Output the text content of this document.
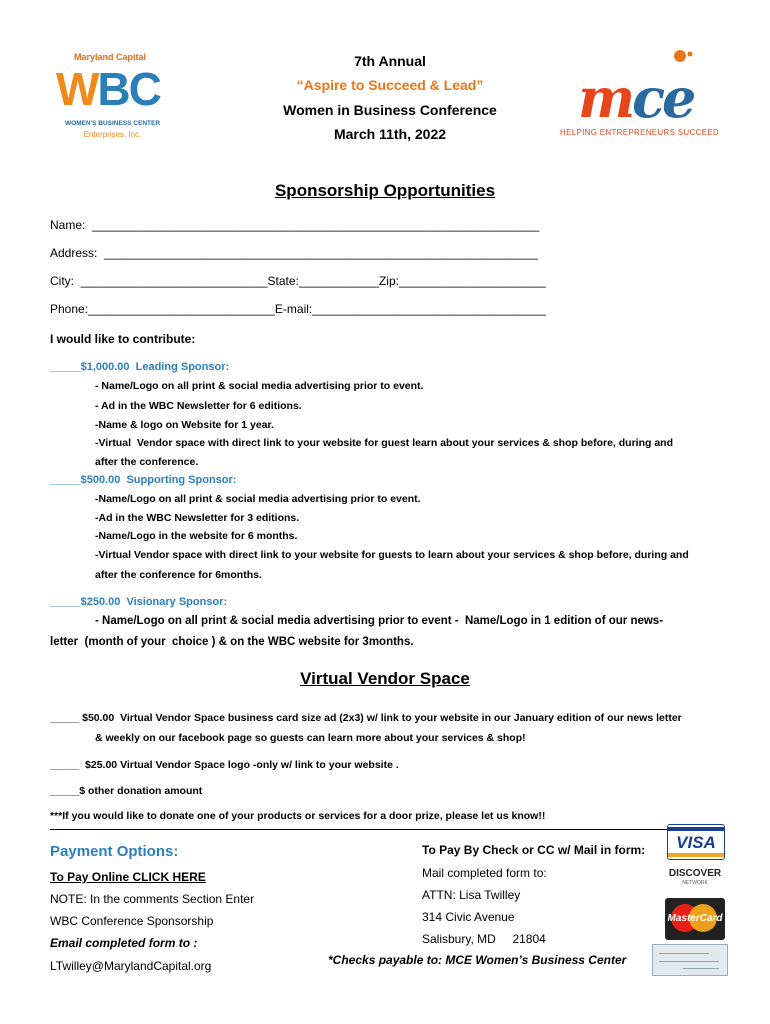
Maryland Capital
WBC
WOMEN'S BUSINESS CENTER
Enterprises, Inc.
7th Annual
“Aspire to Succeed & Lead”
Women in Business Conference
March 11th, 2022
mce
HELPING ENTREPRENEURS SUCCEED
Sponsorship Opportunities
Name:  ___________________________________________________________________
Address:  _________________________________________________________________
City:  ____________________________State:____________Zip:______________________
Phone:____________________________E-mail:___________________________________
I would like to contribute:
_____$1,000.00  Leading Sponsor:
- Name/Logo on all print & social media advertising prior to event.
- Ad in the WBC Newsletter for 6 editions.
-Name & logo on Website for 1 year.
-Virtual  Vendor space with direct link to your website for guest learn about your services & shop before, during and
after the conference.
_____$500.00  Supporting Sponsor:
-Name/Logo on all print & social media advertising prior to event.
-Ad in the WBC Newsletter for 3 editions.
-Name/Logo in the website for 6 months.
-Virtual Vendor space with direct link to your website for guests to learn about your services & shop before, during and
after the conference for 6months.
_____$250.00  Visionary Sponsor:
- Name/Logo on all print & social media advertising prior to event -  Name/Logo in 1 edition of our news-
letter  (month of your  choice ) & on the WBC website for 3months.
Virtual Vendor Space
_____ $50.00  Virtual Vendor Space business card size ad (2x3) w/ link to your website in our January edition of our news letter
& weekly on our facebook page so guests can learn more about your services & shop!
_____  $25.00 Virtual Vendor Space logo -only w/ link to your website .
_____$ other donation amount
***If you would like to donate one of your products or services for a door prize, please let us know!!
Payment Options:
To Pay Online CLICK HERE
NOTE: In the comments Section Enter
WBC Conference Sponsorship
Email completed form to :
LTwilley@MarylandCapital.org
To Pay By Check or CC w/ Mail in form:
Mail completed form to:
ATTN: Lisa Twilley
314 Civic Avenue
Salisbury, MD     21804
*Checks payable to: MCE Women’s Business Center
VISA
DISCOVER
NETWORK
MasterCard
